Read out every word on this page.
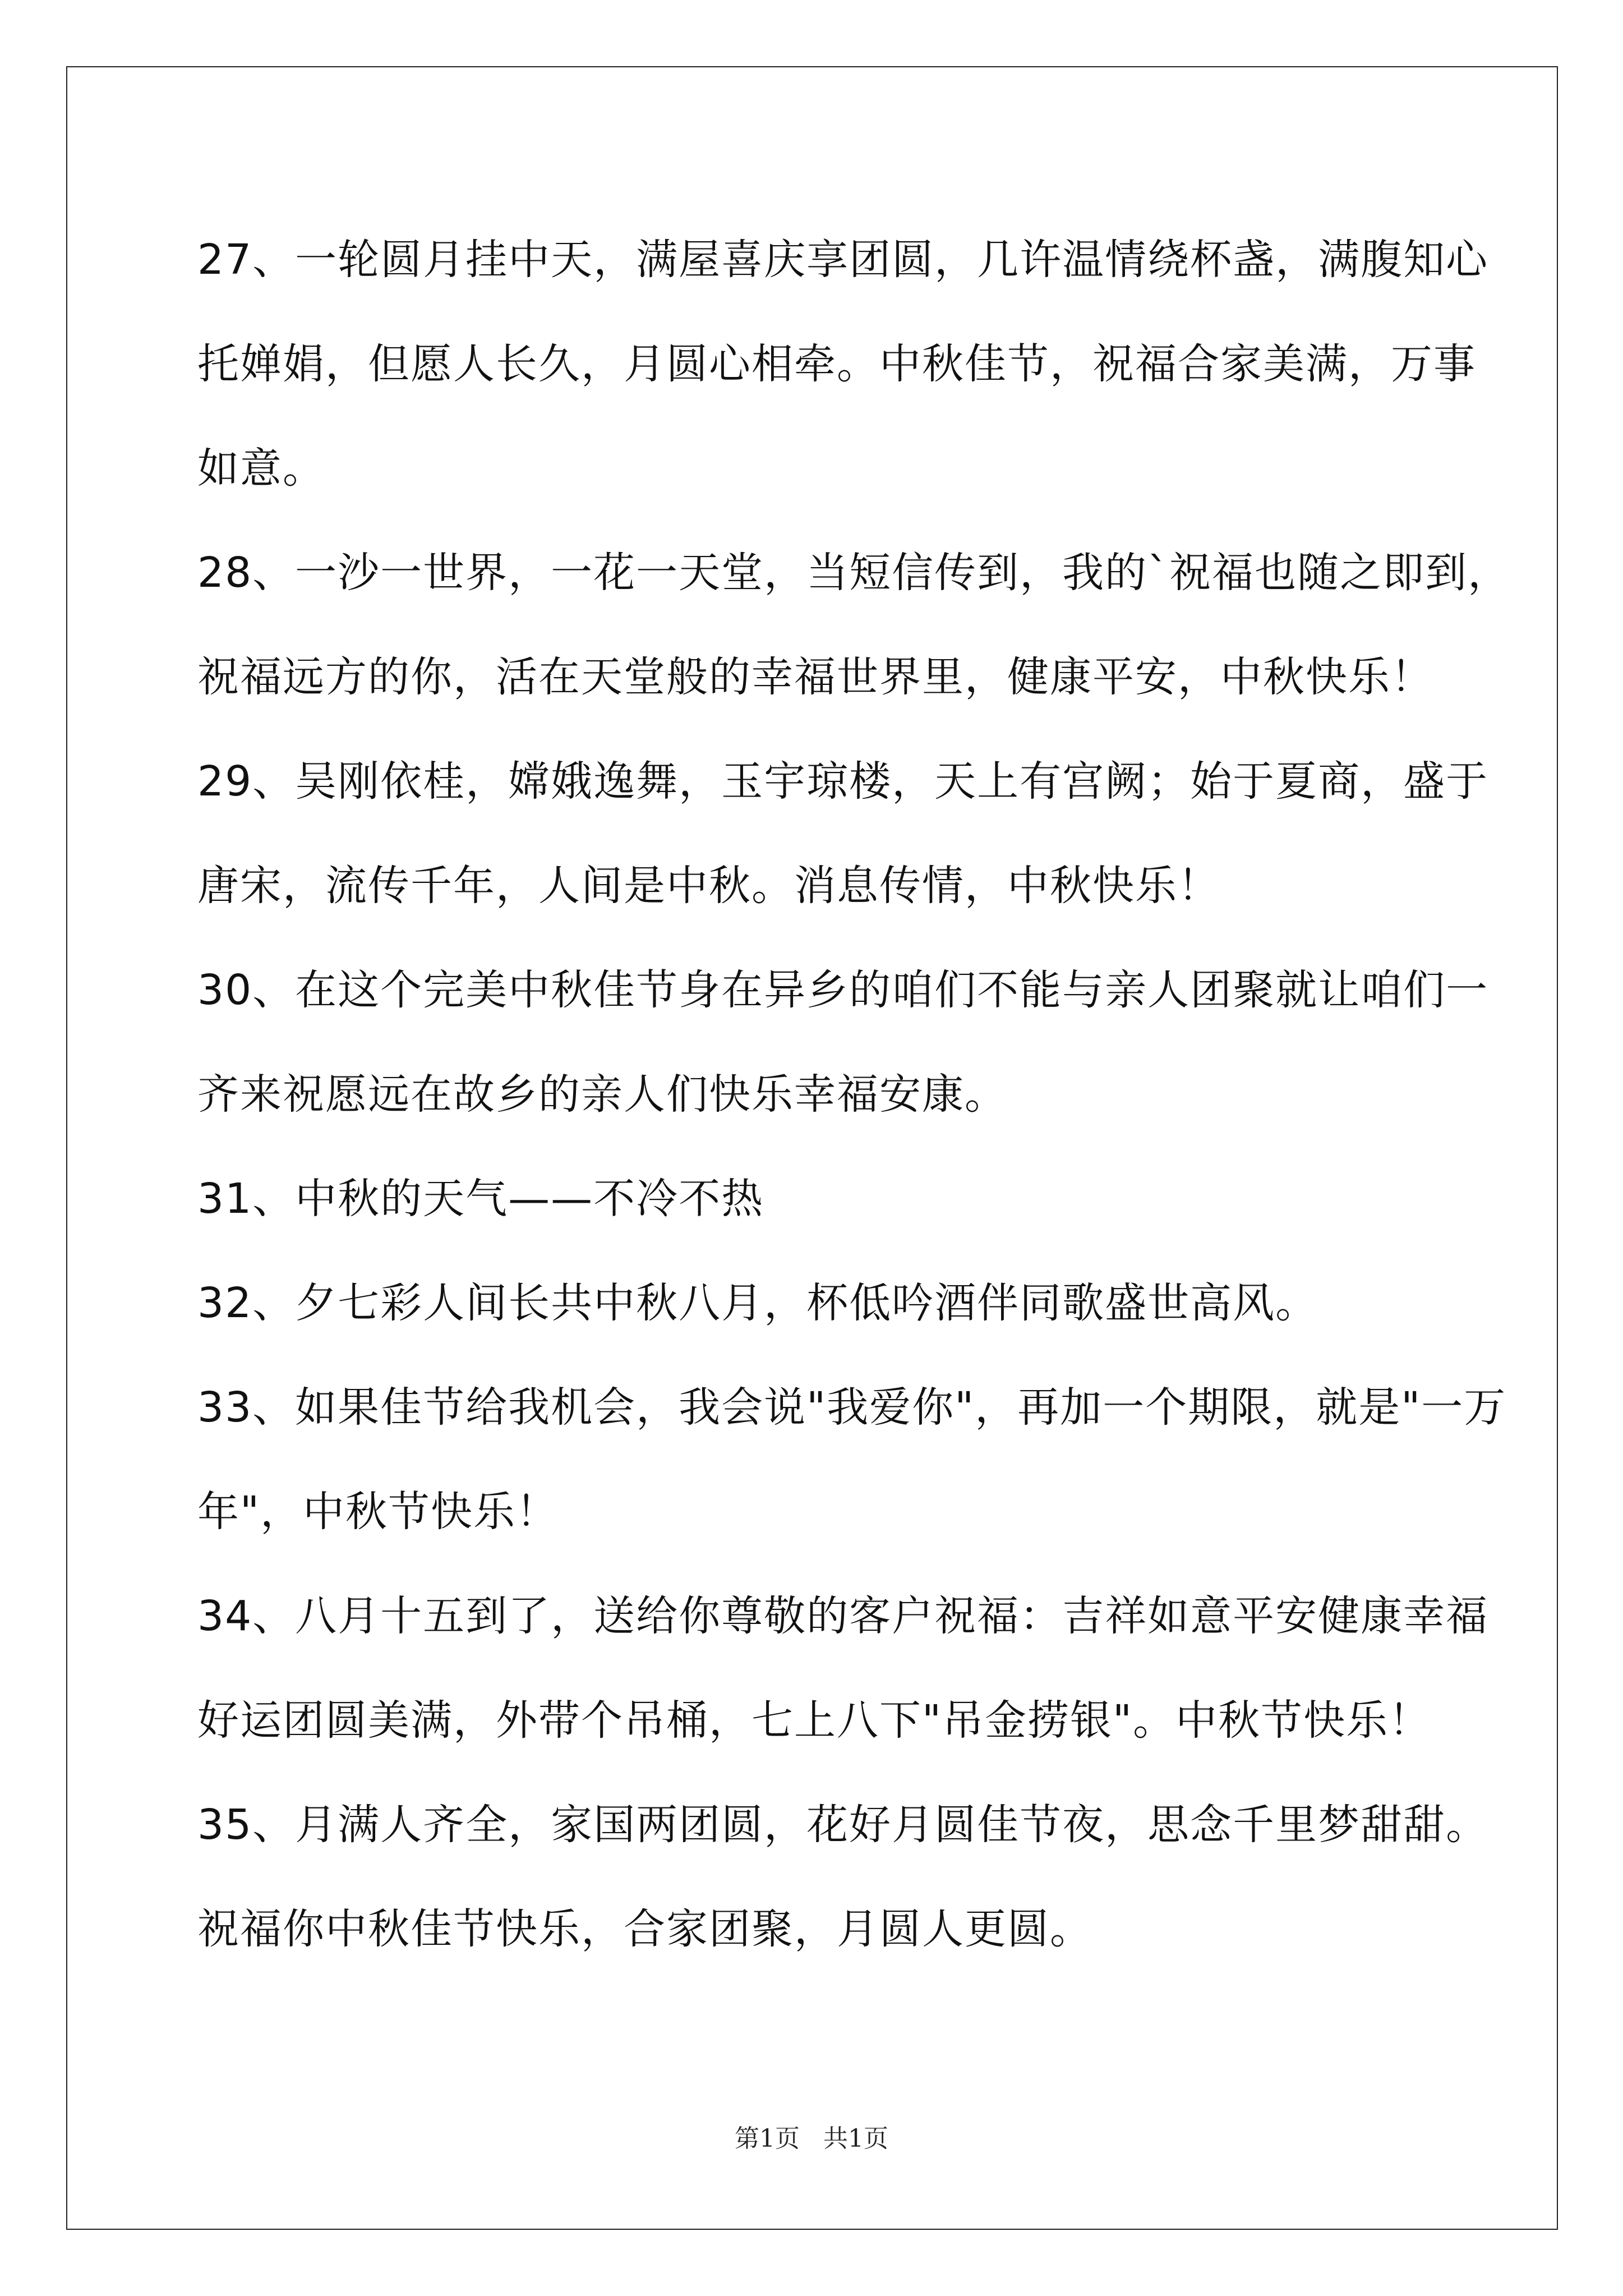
27、一轮圆月挂中天，满屋喜庆享团圆，几许温情绕杯盏，满腹知心
托婵娟，但愿人长久，月圆心相牵。中秋佳节，祝福合家美满，万事
如意。
28、一沙一世界，一花一天堂，当短信传到，我的`祝福也随之即到，
祝福远方的你，活在天堂般的幸福世界里，健康平安，中秋快乐！
29、吴刚依桂，嫦娥逸舞，玉宇琼楼，天上有宫阙；始于夏商，盛于
唐宋，流传千年，人间是中秋。消息传情，中秋快乐！
30、在这个完美中秋佳节身在异乡的咱们不能与亲人团聚就让咱们一
齐来祝愿远在故乡的亲人们快乐幸福安康。
31、中秋的天气——不冷不热
32、夕七彩人间长共中秋八月，杯低吟酒伴同歌盛世高风。
33、如果佳节给我机会，我会说"我爱你"，再加一个期限，就是"一万
年"，中秋节快乐！
34、八月十五到了，送给你尊敬的客户祝福：吉祥如意平安健康幸福
好运团圆美满，外带个吊桶，七上八下"吊金捞银"。中秋节快乐！
35、月满人齐全，家国两团圆，花好月圆佳节夜，思念千里梦甜甜。
祝福你中秋佳节快乐，合家团聚，月圆人更圆。
第1页   共1页
